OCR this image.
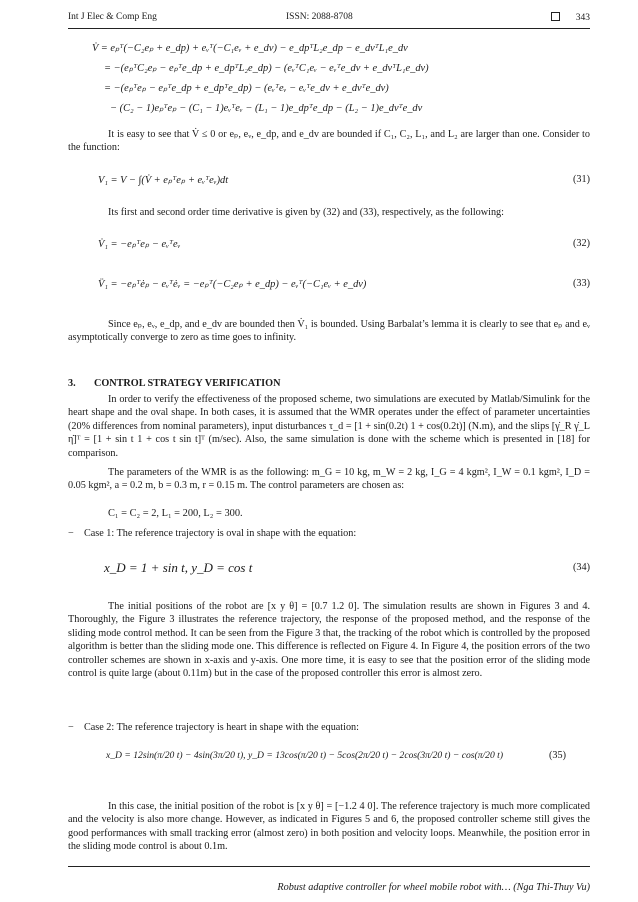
Int J Elec & Comp Eng	ISSN: 2088-8708	343
V̇ = eₚᵀ(−C₂eₚ + e_dp) + eᵥᵀ(−C₁eᵥ + e_dv) − e_dpᵀL₂e_dp − e_dvᵀL₁e_dv
= −(eₚᵀC₂eₚ − eₚᵀe_dp + e_dpᵀL₂e_dp) − (eᵥᵀC₁eᵥ − eᵥᵀe_dv + e_dvᵀL₁e_dv)
= −(eₚᵀeₚ − eₚᵀe_dp + e_dpᵀe_dp) − (eᵥᵀeᵥ − eᵥᵀe_dv + e_dvᵀe_dv)
− (C₂ − 1)eₚᵀeₚ − (C₁ − 1)eᵥᵀeᵥ − (L₁ − 1)e_dpᵀe_dp − (L₂ − 1)e_dvᵀe_dv
It is easy to see that V̇ ≤ 0 or eₚ, eᵥ, e_dp, and e_dv are bounded if C₁, C₂, L₁, and L₂ are larger than one. Consider to the function:
V₁ = V − ∫(V̇ + eₚᵀeₚ + eᵥᵀeᵥ)dt	(31)
Its first and second order time derivative is given by (32) and (33), respectively, as the following:
V̇₁ = −eₚᵀeₚ − eᵥᵀeᵥ	(32)
V̈₁ = −eₚᵀėₚ − eᵥᵀėᵥ = −eₚᵀ(−C₂eₚ + e_dp) − eᵥᵀ(−C₁eᵥ + e_dv)	(33)
Since eₚ, eᵥ, e_dp, and e_dv are bounded then V̇₁ is bounded. Using Barbalat’s lemma it is clearly to see that eₚ and eᵥ asymptotically converge to zero as time goes to infinity.
3. CONTROL STRATEGY VERIFICATION
In order to verify the effectiveness of the proposed scheme, two simulations are executed by Matlab/Simulink for the heart shape and the oval shape. In both cases, it is assumed that the WMR operates under the effect of parameter uncertainties (20% differences from nominal parameters), input disturbances τ_d = [1 + sin(0.2t) 1 + cos(0.2t)] (N.m), and the slips [γ̇_R γ̇_L η̇]ᵀ = [1 + sin t 1 + cos t sin t]ᵀ (m/sec). Also, the same simulation is done with the scheme which is presented in [18] for comparison.
The parameters of the WMR is as the following: m_G = 10 kg, m_W = 2 kg, I_G = 4 kgm², I_W = 0.1 kgm², I_D = 0.05 kgm², a = 0.2 m, b = 0.3 m, r = 0.15 m. The control parameters are chosen as:
C₁ = C₂ = 2, L₁ = 200, L₂ = 300.
−    Case 1: The reference trajectory is oval in shape with the equation:
x_D = 1 + sin t, y_D = cos t	(34)
The initial positions of the robot are [x y θ] = [0.7 1.2 0]. The simulation results are shown in Figures 3 and 4. Thoroughly, the Figure 3 illustrates the reference trajectory, the response of the proposed method, and the response of the sliding mode control method. It can be seen from the Figure 3 that, the tracking of the robot which is controlled by the proposed algorithm is better than the sliding mode one. This difference is reflected on Figure 4. In Figure 4, the position errors of the two controller schemes are shown in x-axis and y-axis. One more time, it is easy to see that the position error of the sliding mode control is quite large (about 0.11m) but in the case of the proposed controller this error is almost zero.
−    Case 2: The reference trajectory is heart in shape with the equation:
x_D = 12sin(π/20 t) − 4sin(3π/20 t), y_D = 13cos(π/20 t) − 5cos(2π/20 t) − 2cos(3π/20 t) − cos(π/20 t)	(35)
In this case, the initial position of the robot is [x y θ] = [−1.2 4 0]. The reference trajectory is much more complicated and the velocity is also more change. However, as indicated in Figures 5 and 6, the proposed controller scheme still gives the good performances with small tracking error (almost zero) in both position and velocity loops. Meanwhile, the position error in the sliding mode control is about 0.1m.
Robust adaptive controller for wheel mobile robot with… (Nga Thi-Thuy Vu)
